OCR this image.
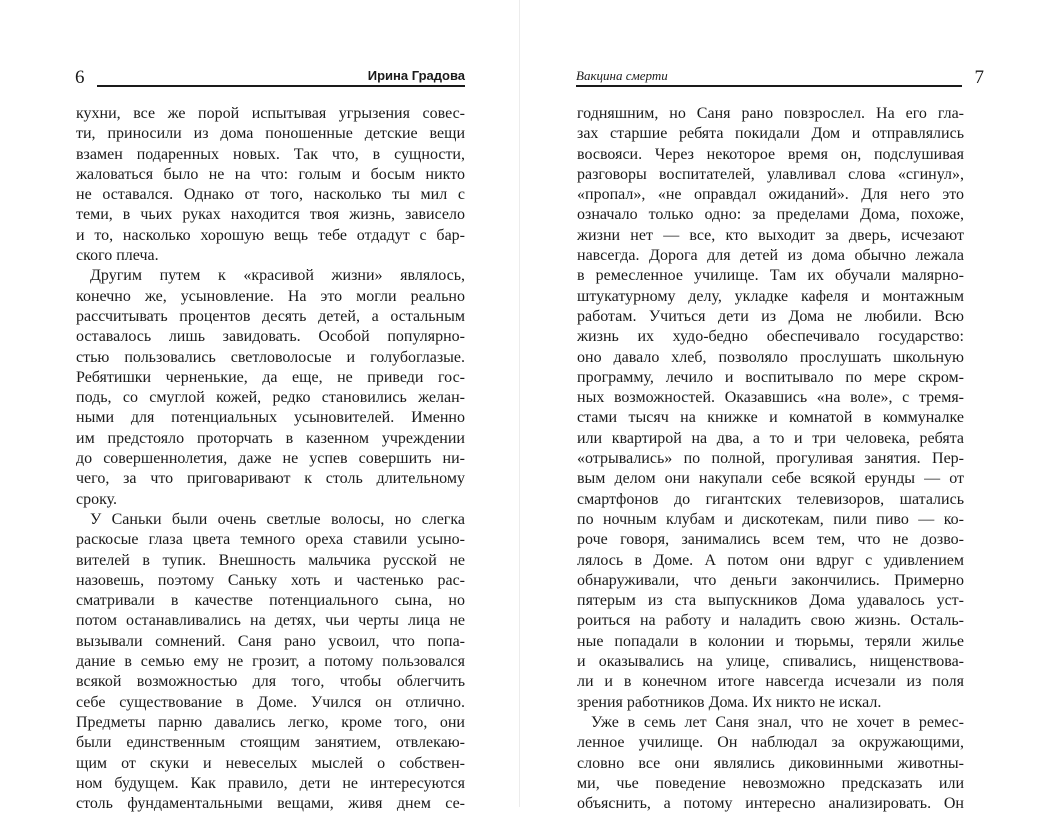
6	Ирина Градова
кухни, все же порой испытывая угрызения совес-
ти, приносили из дома поношенные детские вещи
взамен подаренных новых. Так что, в сущности,
жаловаться было не на что: голым и босым никто
не оставался. Однако от того, насколько ты мил с
теми, в чьих руках находится твоя жизнь, зависело
и то, насколько хорошую вещь тебе отдадут с бар-
ского плеча.
Другим путем к «красивой жизни» являлось,
конечно же, усыновление. На это могли реально
рассчитывать процентов десять детей, а остальным
оставалось лишь завидовать. Особой популярно-
стью пользовались светловолосые и голубоглазые.
Ребятишки черненькие, да еще, не приведи гос-
подь, со смуглой кожей, редко становились желан-
ными для потенциальных усыновителей. Именно
им предстояло проторчать в казенном учреждении
до совершеннолетия, даже не успев совершить ни-
чего, за что приговаривают к столь длительному
сроку.
У Саньки были очень светлые волосы, но слегка
раскосые глаза цвета темного ореха ставили усыно-
вителей в тупик. Внешность мальчика русской не
назовешь, поэтому Саньку хоть и частенько рас-
сматривали в качестве потенциального сына, но
потом останавливались на детях, чьи черты лица не
вызывали сомнений. Саня рано усвоил, что попа-
дание в семью ему не грозит, а потому пользовался
всякой возможностью для того, чтобы облегчить
себе существование в Доме. Учился он отлично.
Предметы парню давались легко, кроме того, они
были единственным стоящим занятием, отвлекаю-
щим от скуки и невеселых мыслей о собствен-
ном будущем. Как правило, дети не интересуются
столь фундаментальными вещами, живя днем се-
Вакцина смерти	7
годняшним, но Саня рано повзрослел. На его гла-
зах старшие ребята покидали Дом и отправлялись
восвояси. Через некоторое время он, подслушивая
разговоры воспитателей, улавливал слова «сгинул»,
«пропал», «не оправдал ожиданий». Для него это
означало только одно: за пределами Дома, похоже,
жизни нет — все, кто выходит за дверь, исчезают
навсегда. Дорога для детей из дома обычно лежала
в ремесленное училище. Там их обучали малярно-
штукатурному делу, укладке кафеля и монтажным
работам. Учиться дети из Дома не любили. Всю
жизнь их худо-бедно обеспечивало государство:
оно давало хлеб, позволяло прослушать школьную
программу, лечило и воспитывало по мере скром-
ных возможностей. Оказавшись «на воле», с тремя-
стами тысяч на книжке и комнатой в коммуналке
или квартирой на два, а то и три человека, ребята
«отрывались» по полной, прогуливая занятия. Пер-
вым делом они накупали себе всякой ерунды — от
смартфонов до гигантских телевизоров, шатались
по ночным клубам и дискотекам, пили пиво — ко-
роче говоря, занимались всем тем, что не дозво-
лялось в Доме. А потом они вдруг с удивлением
обнаруживали, что деньги закончились. Примерно
пятерым из ста выпускников Дома удавалось уст-
роиться на работу и наладить свою жизнь. Осталь-
ные попадали в колонии и тюрьмы, теряли жилье
и оказывались на улице, спивались, нищенствова-
ли и в конечном итоге навсегда исчезали из поля
зрения работников Дома. Их никто не искал.
Уже в семь лет Саня знал, что не хочет в ремес-
ленное училище. Он наблюдал за окружающими,
словно все они являлись диковинными животны-
ми, чье поведение невозможно предсказать или
объяснить, а потому интересно анализировать. Он
